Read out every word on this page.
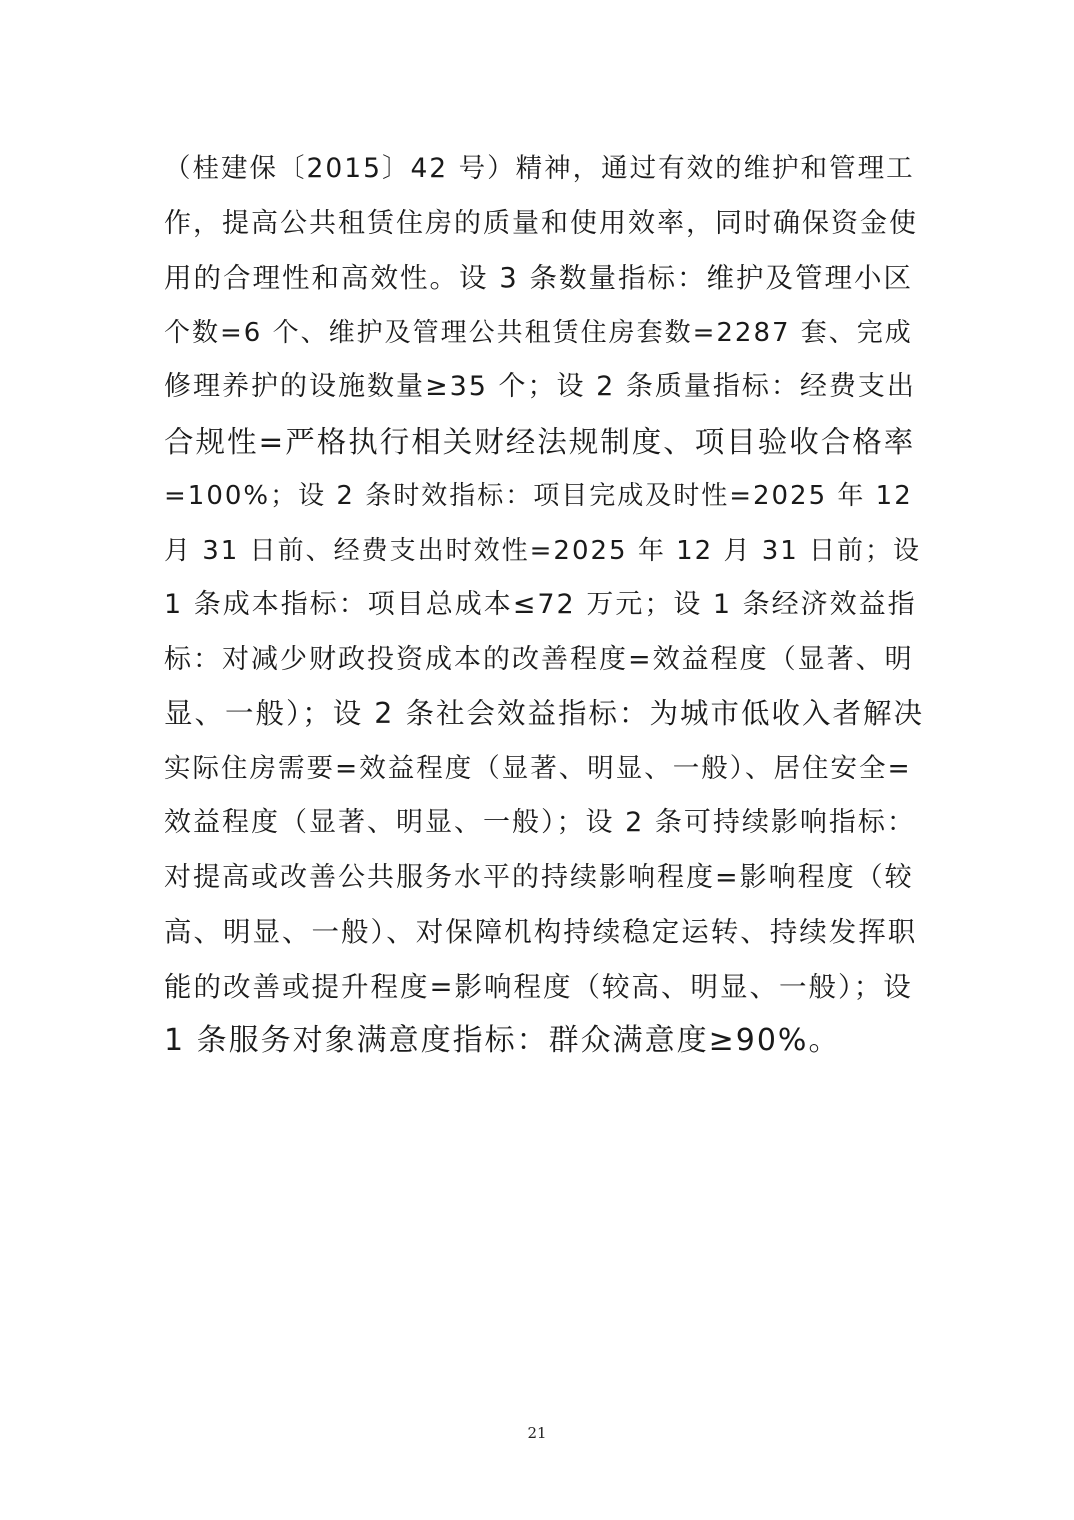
（桂建保〔2015〕42 号）精神，通过有效的维护和管理工
作，提高公共租赁住房的质量和使用效率，同时确保资金使
用的合理性和高效性。设 3 条数量指标：维护及管理小区
个数=6 个、维护及管理公共租赁住房套数=2287 套、完成
修理养护的设施数量≥35 个；设 2 条质量指标：经费支出
合规性=严格执行相关财经法规制度、项目验收合格率
=100%；设 2 条时效指标：项目完成及时性=2025 年 12
月 31 日前、经费支出时效性=2025 年 12 月 31 日前；设
1 条成本指标：项目总成本≤72 万元；设 1 条经济效益指
标：对减少财政投资成本的改善程度=效益程度（显著、明
显、一般）；设 2 条社会效益指标：为城市低收入者解决
实际住房需要=效益程度（显著、明显、一般）、居住安全=
效益程度（显著、明显、一般）；设 2 条可持续影响指标：
对提高或改善公共服务水平的持续影响程度=影响程度（较
高、明显、一般）、对保障机构持续稳定运转、持续发挥职
能的改善或提升程度=影响程度（较高、明显、一般）；设
1 条服务对象满意度指标：群众满意度≥90%。
21
